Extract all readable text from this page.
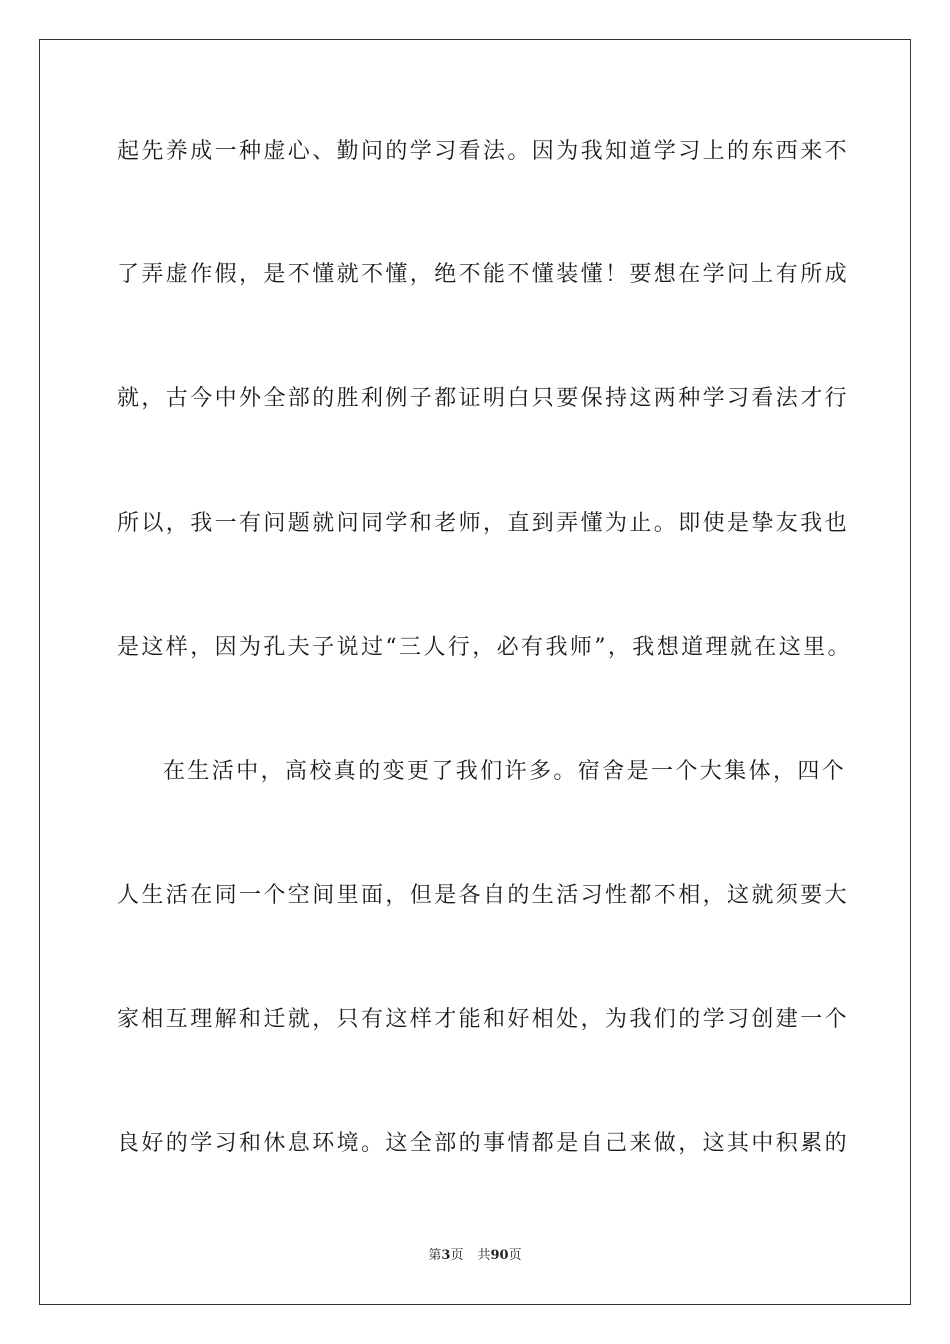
起先养成一种虚心、勤问的学习看法。因为我知道学习上的东西来不
了弄虚作假，是不懂就不懂，绝不能不懂装懂！要想在学问上有所成
就，古今中外全部的胜利例子都证明白只要保持这两种学习看法才行
所以，我一有问题就问同学和老师，直到弄懂为止。即使是挚友我也
是这样，因为孔夫子说过“三人行，必有我师”，我想道理就在这里。
在生活中，高校真的变更了我们许多。宿舍是一个大集体，四个
人生活在同一个空间里面，但是各自的生活习性都不相，这就须要大
家相互理解和迁就，只有这样才能和好相处，为我们的学习创建一个
良好的学习和休息环境。这全部的事情都是自己来做，这其中积累的
第3页 共90页
